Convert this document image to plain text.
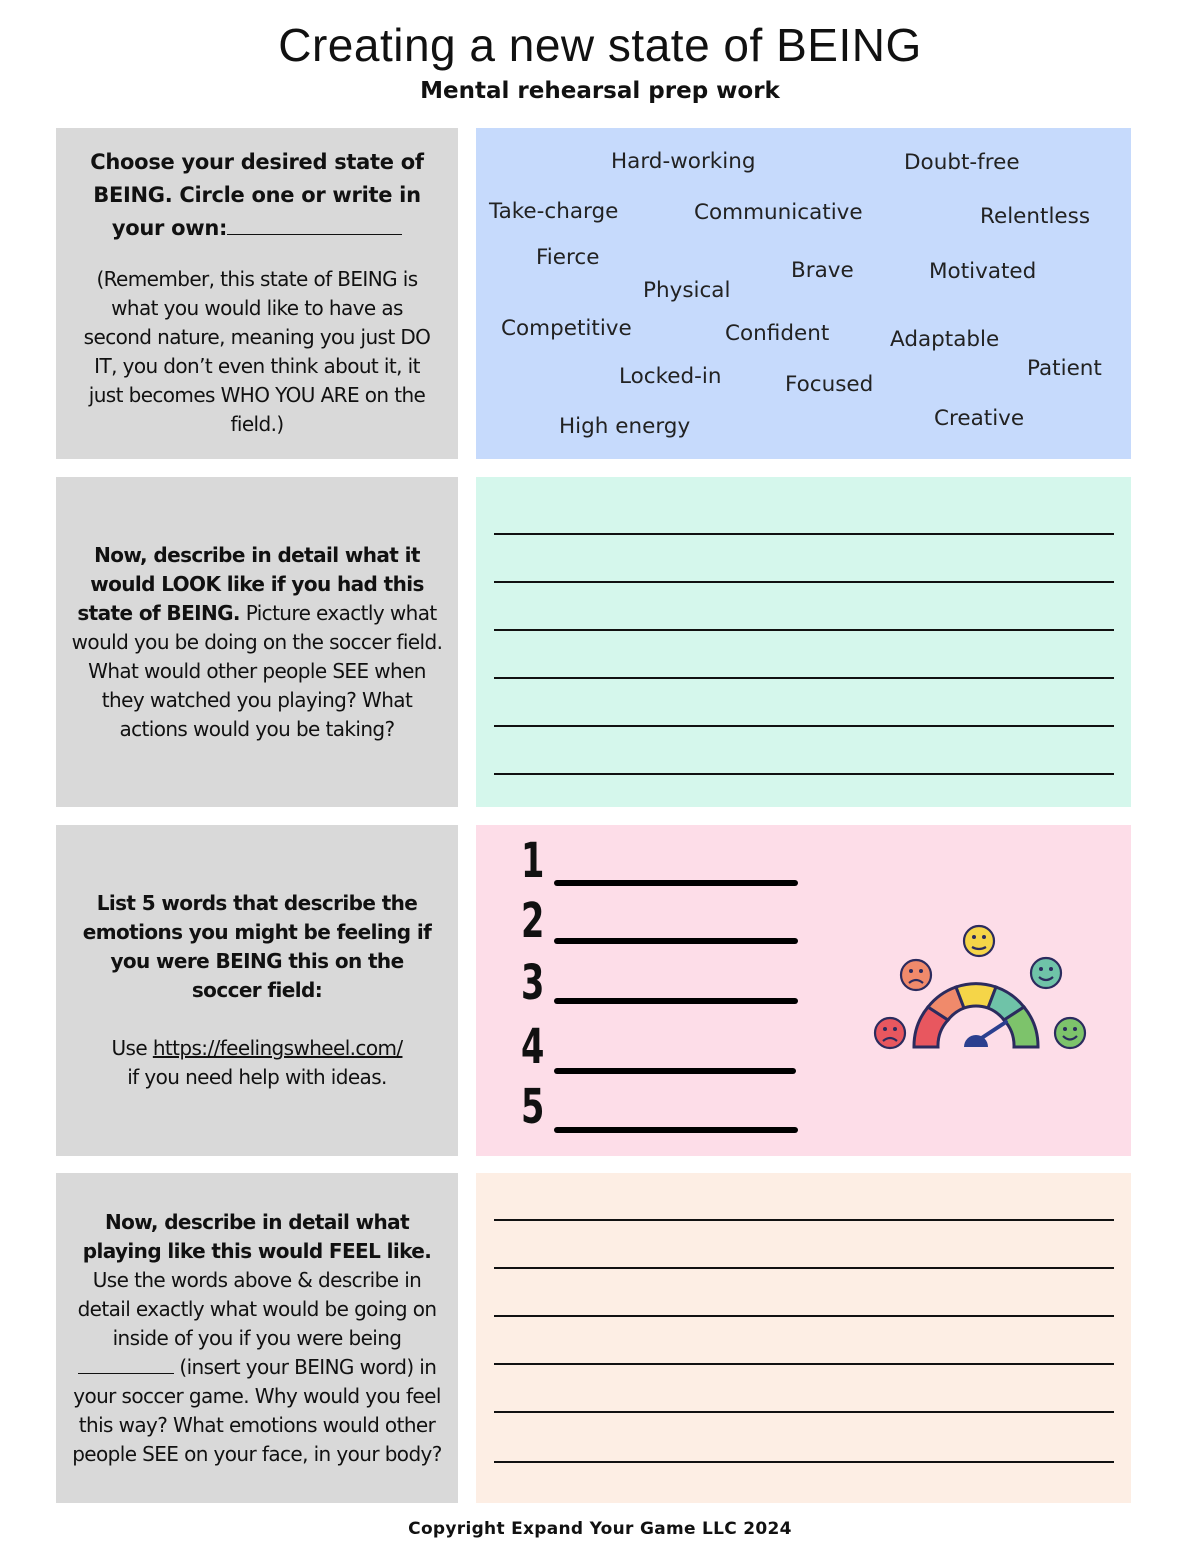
Creating a new state of BEING
Mental rehearsal prep work
Choose your desired state of
BEING. Circle one or write in
your own:
(Remember, this state of BEING is what you would like to have as second nature, meaning you just DO IT, you don’t even think about it, it just becomes WHO YOU ARE on the field.)
Hard-working	Doubt-free
Take-charge	Communicative	Relentless
Fierce
Brave	Motivated
Physical
Competitive	Confident	Adaptable
Patient
Locked-in	Focused
Creative
High energy
Now, describe in detail what it would LOOK like if you had this state of BEING. Picture exactly what would you be doing on the soccer field. What would other people SEE when they watched you playing? What actions would you be taking?
List 5 words that describe the emotions you might be feeling if you were BEING this on the soccer field:
Use https://feelingswheel.com/
if you need help with ideas.
1
2
3
4
5
Now, describe in detail what playing like this would FEEL like. Use the words above & describe in detail exactly what would be going on inside of you if you were being  (insert your BEING word) in your soccer game. Why would you feel this way? What emotions would other people SEE on your face, in your body?
Copyright Expand Your Game LLC 2024
